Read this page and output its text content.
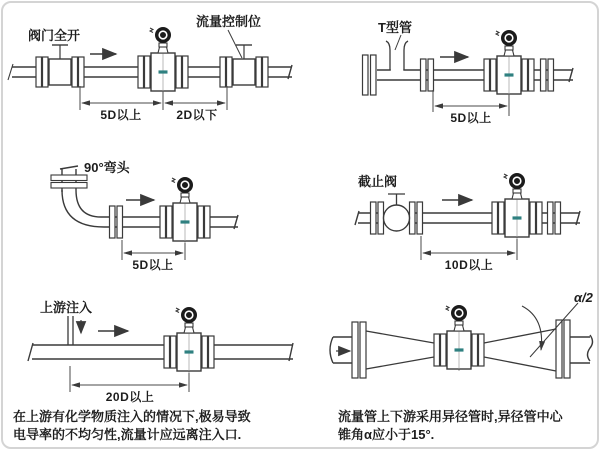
阀门全开
流量控制位
5D以上	2D以下
T型管
5D以上
90°弯头
5D以上
截止阀
10D以上
上游注入
20D以上
在上游有化学物质注入的情况下,极易导致
电导率的不均匀性,流量计应远离注入口.
α/2
流量管上下游采用异径管时,异径管中心
锥角α应小于15°.
